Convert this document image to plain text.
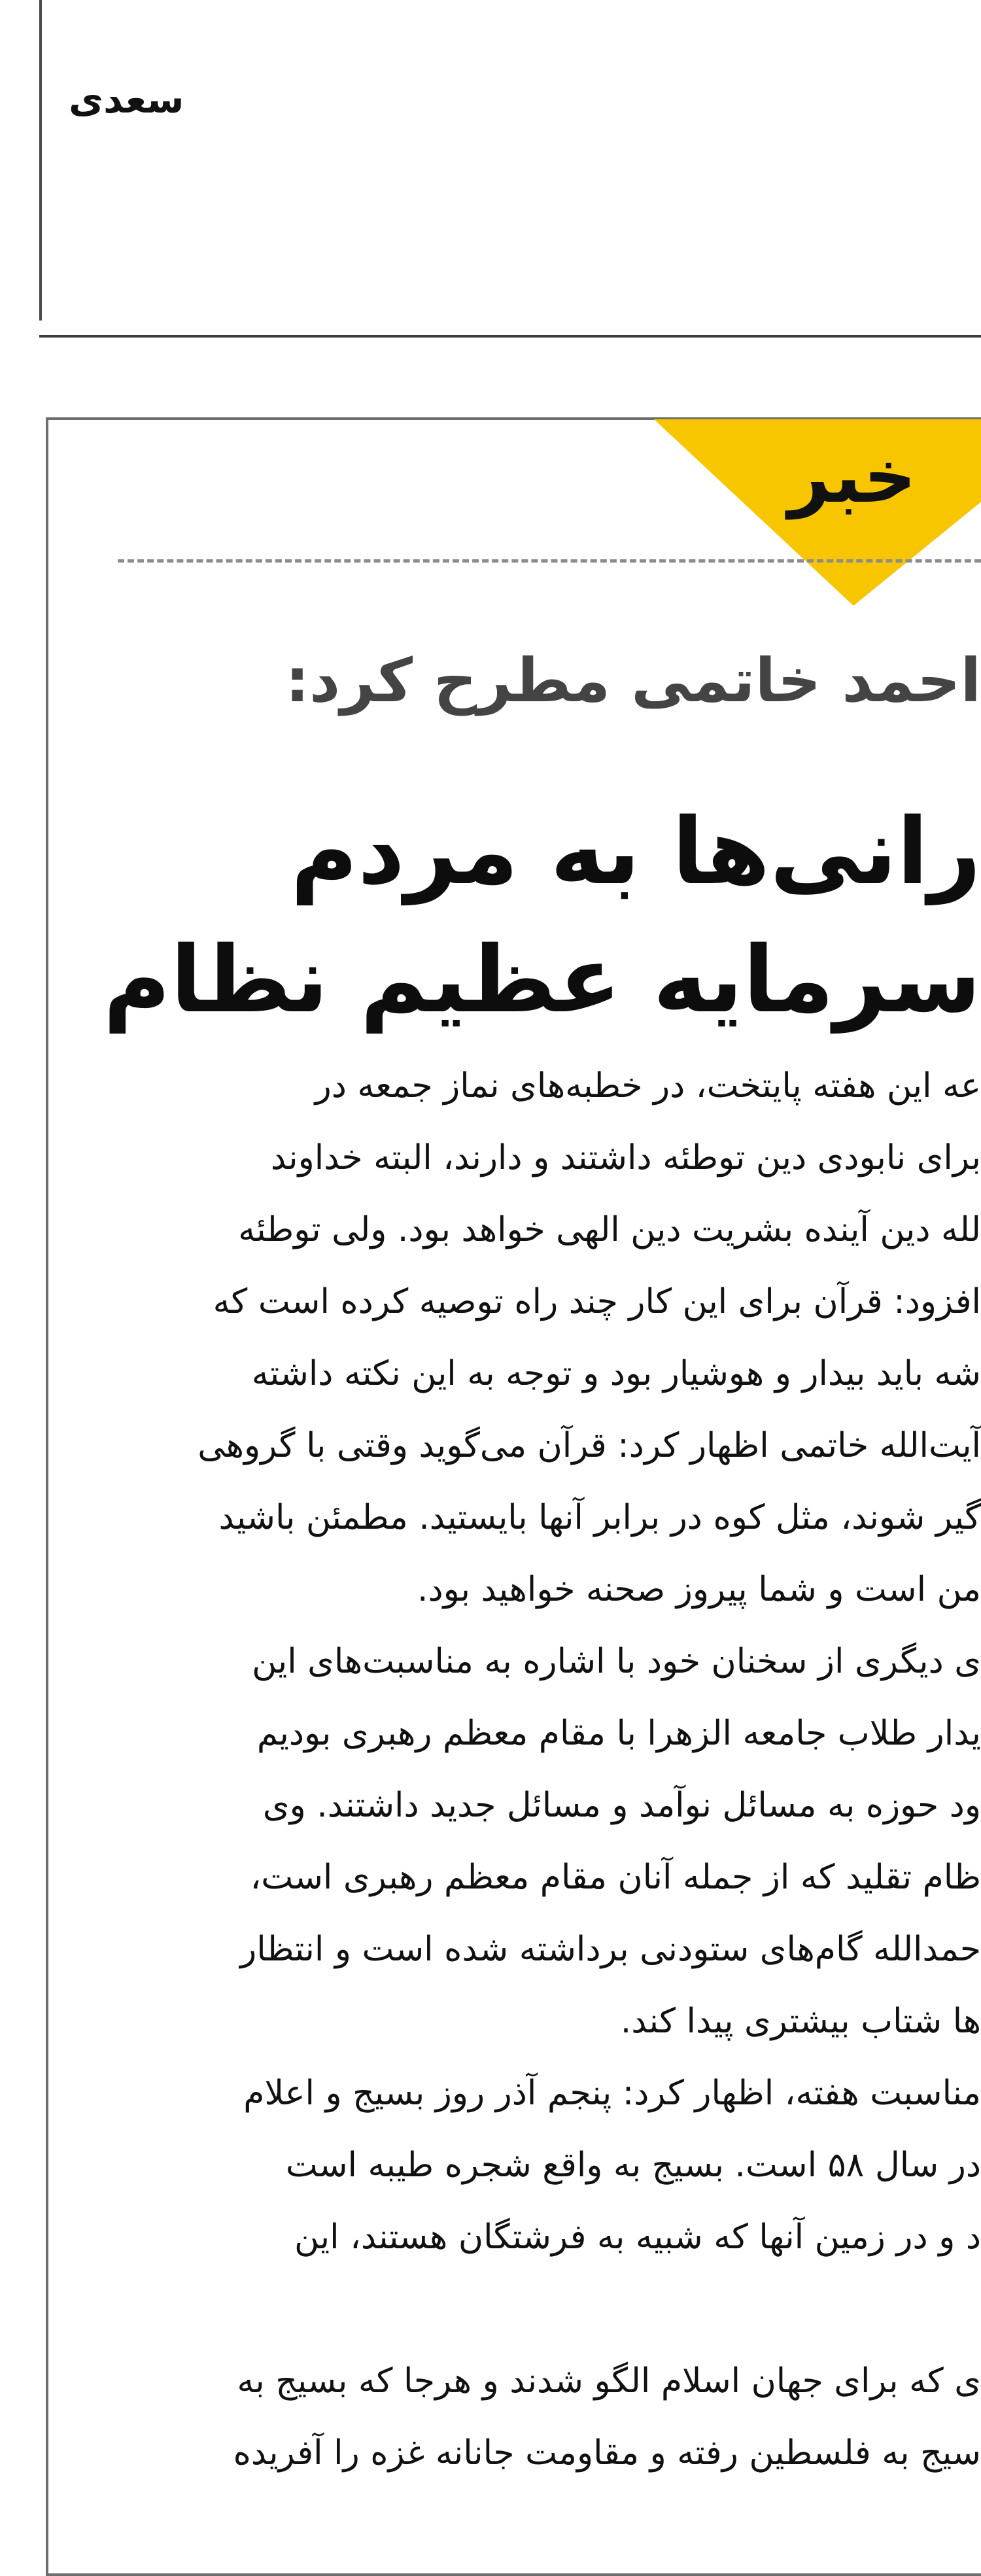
سعدی

خبر

احمد خاتمی مطرح کرد:

رانی‌ها به مردم
سرمایه عظیم نظام
عه این هفته پایتخت، در خطبه‌های نماز جمعه در
برای نابودی دین توطئه داشتند و دارند، البته خداوند
لله دین آینده بشریت دین الهی خواهد بود. ولی توطئه
افزود: قرآن برای این کار چند راه توصیه کرده است که
شه باید بیدار و هوشیار بود و توجه به این نکته داشته
آیت‌الله خاتمی اظهار کرد: قرآن می‌گوید وقتی با گروهی
گیر شوند، مثل کوه در برابر آنها بایستید. مطمئن باشید
من است و شما پیروز صحنه خواهید بود.
ی دیگری از سخنان خود با اشاره به مناسبت‌های این
یدار طلاب جامعه الزهرا با مقام معظم رهبری بودیم
ود حوزه به مسائل نوآمد و مسائل جدید داشتند. وی
ظام تقلید که از جمله آنان مقام معظم رهبری است،
حمدالله گام‌های ستودنی برداشته شده است و انتظار
ها شتاب بیشتری پیدا کند.
مناسبت هفته، اظهار کرد: پنجم آذر روز بسیج و اعلام
در سال ۵۸ است. بسیج به واقع شجره طیبه است
د و در زمین آنها که شبیه به فرشتگان هستند، این
ی که برای جهان اسلام الگو شدند و هرجا که بسیج به
سیج به فلسطین رفته و مقاومت جانانه غزه را آفریده
